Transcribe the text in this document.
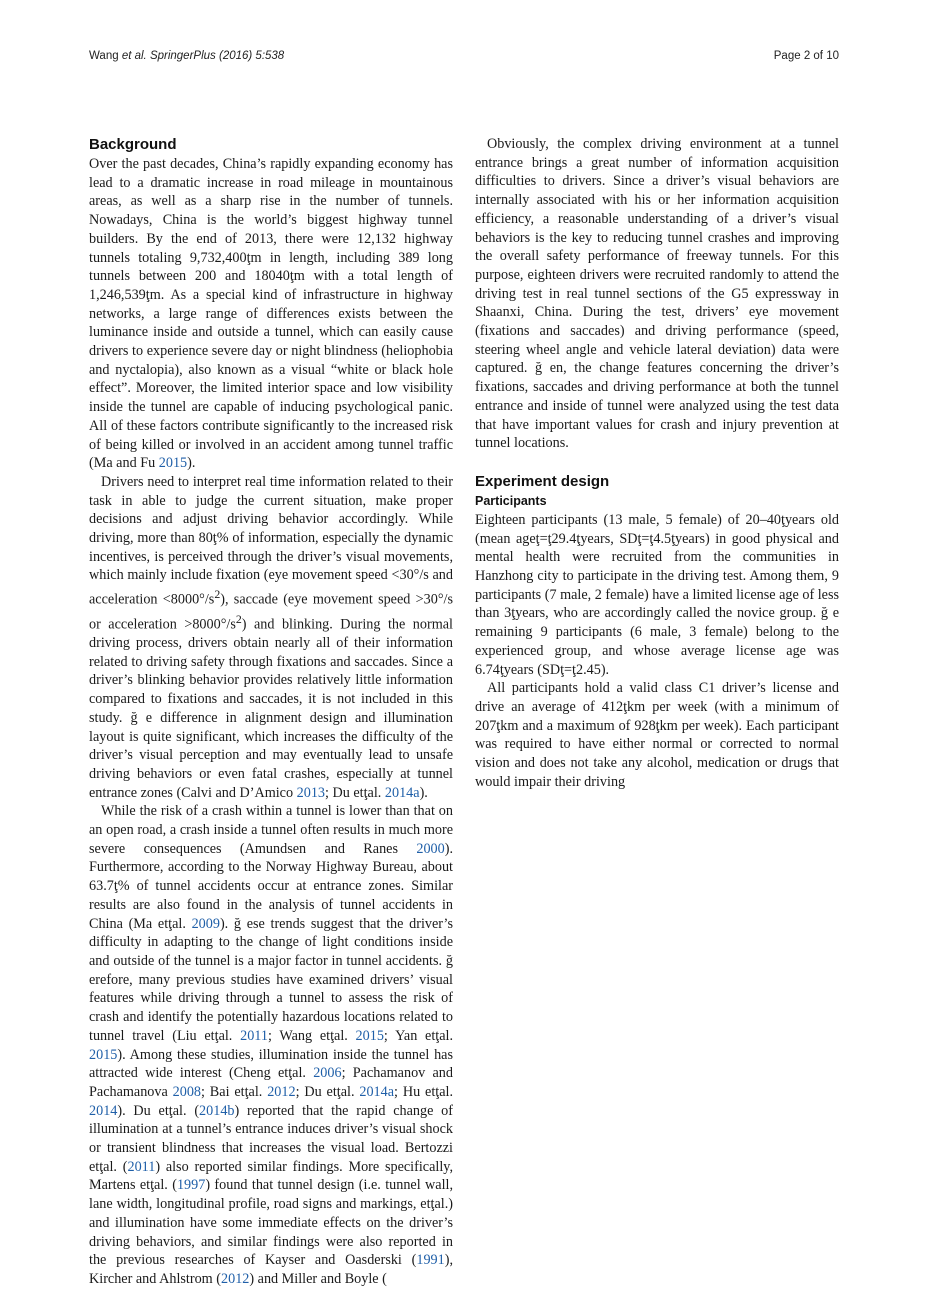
Wang et al. SpringerPlus (2016) 5:538	Page 2 of 10
Background

Over the past decades, China’s rapidly expanding economy has lead to a dramatic increase in road mileage in mountainous areas, as well as a sharp rise in the number of tunnels. Nowadays, China is the world’s biggest highway tunnel builders. By the end of 2013, there were 12,132 highway tunnels totaling 9,732,400ţm in length, including 389 long tunnels between 200 and 18040ţm with a total length of 1,246,539ţm. As a special kind of infrastructure in highway networks, a large range of differences exists between the luminance inside and outside a tunnel, which can easily cause drivers to experience severe day or night blindness (heliophobia and nyctalopia), also known as a visual “white or black hole effect”. Moreover, the limited interior space and low visibility inside the tunnel are capable of inducing psychological panic. All of these factors contribute significantly to the increased risk of being killed or involved in an accident among tunnel traffic (Ma and Fu 2015).

Drivers need to interpret real time information related to their task in able to judge the current situation, make proper decisions and adjust driving behavior accordingly. While driving, more than 80ţ% of information, especially the dynamic incentives, is perceived through the driver’s visual movements, which mainly include fixation (eye movement speed <30°/s and acceleration $<8000^\circ/s^2$), saccade (eye movement speed >30°/s or acceleration $>8000^\circ/s^2$) and blinking. During the normal driving process, drivers obtain nearly all of their information related to driving safety through fixations and saccades. Since a driver’s blinking behavior provides relatively little information compared to fixations and saccades, it is not included in this study. ğ e difference in alignment design and illumination layout is quite significant, which increases the difficulty of the driver’s visual perception and may eventually lead to unsafe driving behaviors or even fatal crashes, especially at tunnel entrance zones (Calvi and D’Amico 2013; Du etţal. 2014a).

While the risk of a crash within a tunnel is lower than that on an open road, a crash inside a tunnel often results in much more severe consequences (Amundsen and Ranes 2000). Furthermore, according to the Norway Highway Bureau, about 63.7ţ% of tunnel accidents occur at entrance zones. Similar results are also found in the analysis of tunnel accidents in China (Ma etţal. 2009). ğ ese trends suggest that the driver’s difficulty in adapting to the change of light conditions inside and outside of the tunnel is a major factor in tunnel accidents. ğ erefore, many previous studies have examined drivers’ visual features while driving through a tunnel to assess the risk of crash and identify the potentially hazardous locations related to tunnel travel (Liu etţal. 2011; Wang etţal. 2015; Yan etţal. 2015). Among these studies, illumination inside the tunnel has attracted wide interest (Cheng etţal. 2006; Pachamanov and Pachamanova 2008; Bai etţal. 2012; Du etţal. 2014a; Hu etţal. 2014). Du etţal. (2014b) reported that the rapid change of illumination at a tunnel’s entrance induces driver’s visual shock or transient blindness that increases the visual load. Bertozzi etţal. (2011) also reported similar findings. More specifically, Martens etţal. (1997) found that tunnel design (i.e. tunnel wall, lane width, longitudinal profile, road signs and markings, etţal.) and illumination have some immediate effects on the driver’s driving behaviors, and similar findings were also reported in the previous researches of Kayser and Oasderski (1991), Kircher and Ahlstrom (2012) and Miller and Boyle (

Obviously, the complex driving environment at a tunnel entrance brings a great number of information acquisition difficulties to drivers. Since a driver’s visual behaviors are internally associated with his or her information acquisition efficiency, a reasonable understanding of a driver’s visual behaviors is the key to reducing tunnel crashes and improving the overall safety performance of freeway tunnels. For this purpose, eighteen drivers were recruited randomly to attend the driving test in real tunnel sections of the G5 expressway in Shaanxi, China. During the test, drivers’ eye movement (fixations and saccades) and driving performance (speed, steering wheel angle and vehicle lateral deviation) data were captured. ğ en, the change features concerning the driver’s fixations, saccades and driving performance at both the tunnel entrance and inside of tunnel were analyzed using the test data that have important values for crash and injury prevention at tunnel locations.

Experiment design
Participants

Eighteen participants (13 male, 5 female) of 20–40ţyears old (mean ageţ=ţ29.4ţyears, SDţ=ţ4.5ţyears) in good physical and mental health were recruited from the communities in Hanzhong city to participate in the driving test. Among them, 9 participants (7 male, 2 female) have a limited license age of less than 3ţyears, who are accordingly called the novice group. ğ e remaining 9 participants (6 male, 3 female) belong to the experienced group, and whose average license age was 6.74ţyears (SDţ=ţ2.45).

All participants hold a valid class C1 driver’s license and drive an average of 412ţkm per week (with a minimum of 207ţkm and a maximum of 928ţkm per week). Each participant was required to have either normal or corrected to normal vision and does not take any alcohol, medication or drugs that would impair their driving
